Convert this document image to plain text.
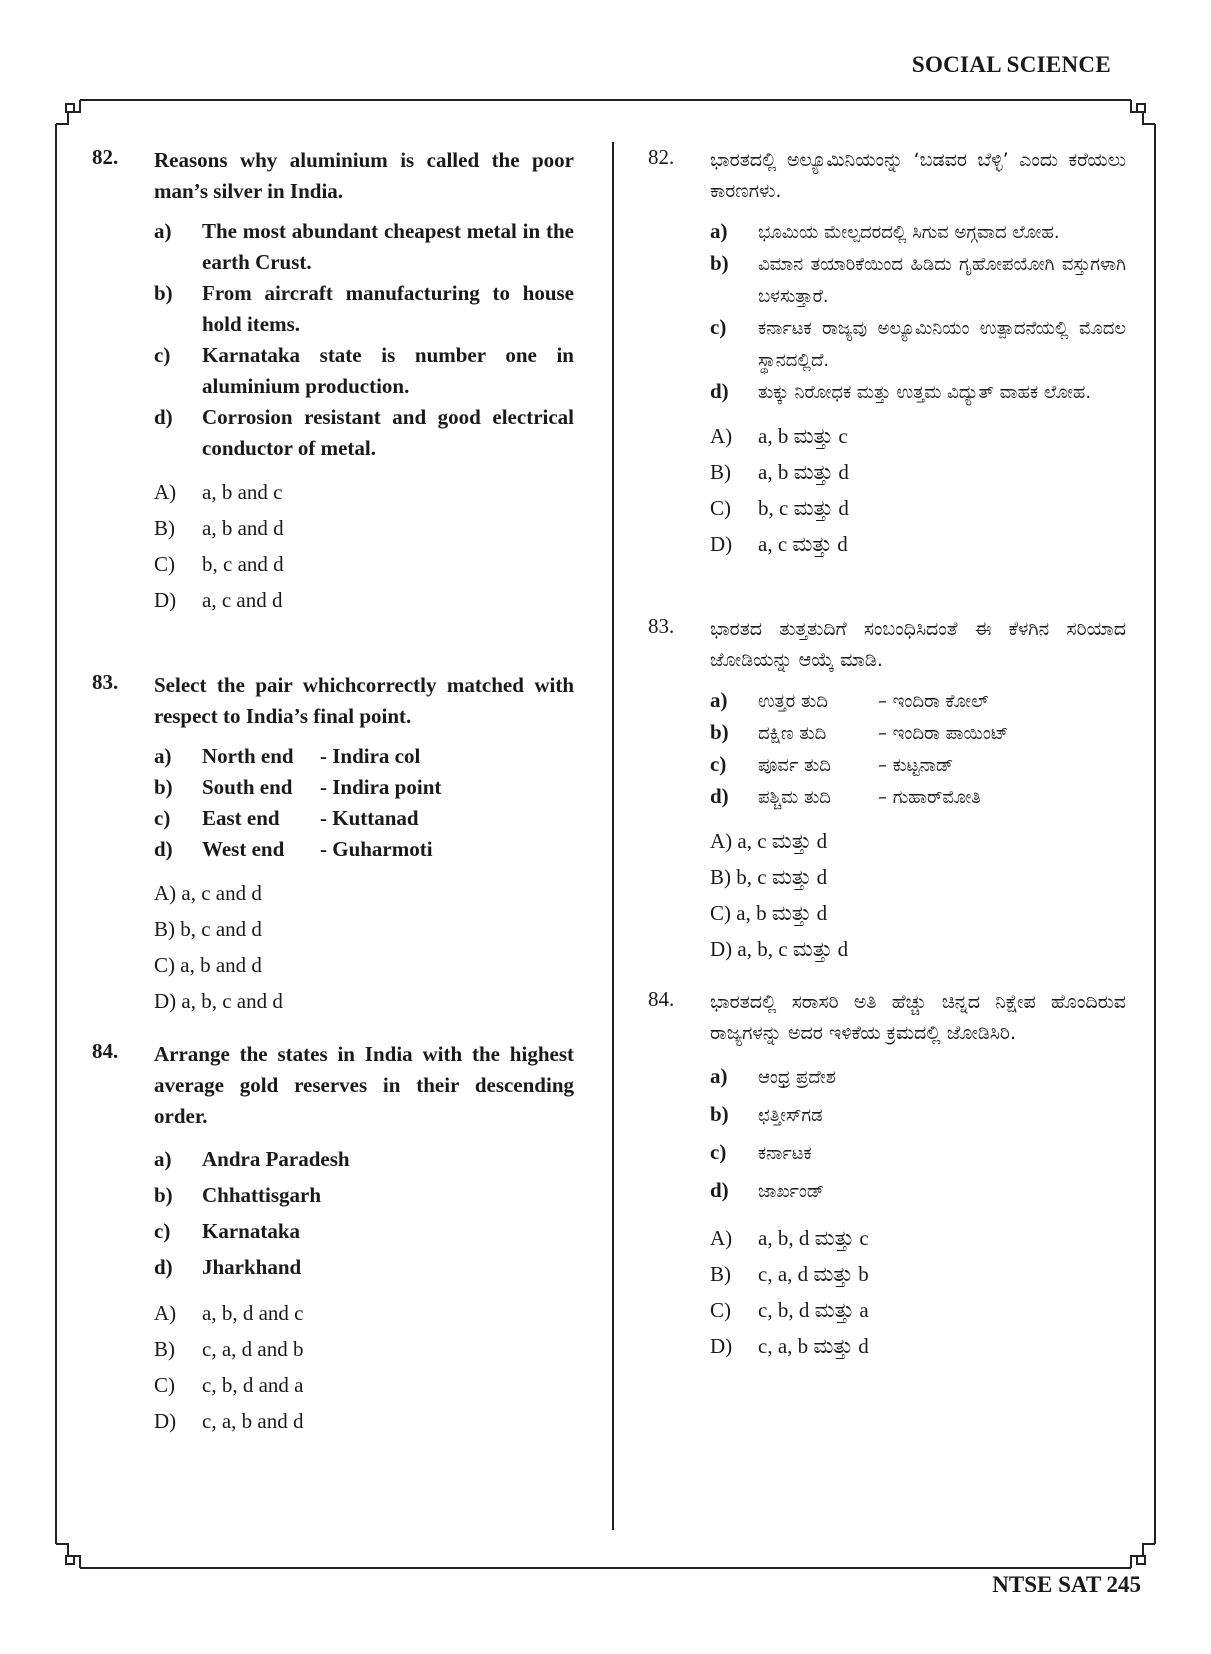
SOCIAL SCIENCE
82. Reasons why aluminium is called the poor man’s silver in India.
a) The most abundant cheapest metal in the earth Crust.
b) From aircraft manufacturing to house hold items.
c) Karnataka state is number one in aluminium production.
d) Corrosion resistant and good electrical conductor of metal.
A) a, b and c
B) a, b and d
C) b, c and d
D) a, c and d
83. Select the pair whichcorrectly matched with respect to India’s final point.
a) North end - Indira col
b) South end - Indira point
c) East end - Kuttanad
d) West end - Guharmoti
A) a, c and d
B) b, c and d
C) a, b and d
D) a, b, c and d
84. Arrange the states in India with the highest average gold reserves in their descending order.
a) Andra Paradesh
b) Chhattisgarh
c) Karnataka
d) Jharkhand
A) a, b, d and c
B) c, a, d and b
C) c, b, d and a
D) c, a, b and d
82. ಭಾರತದಲ್ಲಿ ಅಲ್ಯೂಮಿನಿಯಂನ್ನು ‘ಬಡವರ ಬೆಳ್ಳಿ’ ಎಂದು ಕರೆಯಲು ಕಾರಣಗಳು.
a) ಭೂಮಿಯ ಮೇಲ್ಪದರದಲ್ಲಿ ಸಿಗುವ ಅಗ್ಗವಾದ ಲೋಹ.
b) ವಿಮಾನ ತಯಾರಿಕೆಯಿಂದ ಹಿಡಿದು ಗೃಹೋಪಯೋಗಿ ವಸ್ತುಗಳಾಗಿ ಬಳಸುತ್ತಾರೆ.
c) ಕರ್ನಾಟಕ ರಾಜ್ಯವು ಅಲ್ಯೂಮಿನಿಯಂ ಉತ್ಪಾದನೆಯಲ್ಲಿ ಮೊದಲ ಸ್ಥಾನದಲ್ಲಿದೆ.
d) ತುಕ್ಕು ನಿರೋಧಕ ಮತ್ತು ಉತ್ತಮ ವಿದ್ಯುತ್ ವಾಹಕ ಲೋಹ.
A) a, b ಮತ್ತು c
B) a, b ಮತ್ತು d
C) b, c ಮತ್ತು d
D) a, c ಮತ್ತು d
83. ಭಾರತದ ತುತ್ತತುದಿಗೆ ಸಂಬಂಧಿಸಿದಂತೆ ಈ ಕೆಳಗಿನ ಸರಿಯಾದ ಜೋಡಿಯನ್ನು ಆಯ್ಕೆ ಮಾಡಿ.
a) ಉತ್ತರ ತುದಿ	– ಇಂದಿರಾ ಕೋಲ್
b) ದಕ್ಷಿಣ ತುದಿ	– ಇಂದಿರಾ ಪಾಯಿಂಟ್
c) ಪೂರ್ವ ತುದಿ	– ಕುಟ್ಟನಾಡ್
d) ಪಶ್ಚಿಮ ತುದಿ	– ಗುಹಾರ್‌ಮೋತಿ
A) a, c ಮತ್ತು d
B) b, c ಮತ್ತು d
C) a, b ಮತ್ತು d
D) a, b, c ಮತ್ತು d
84. ಭಾರತದಲ್ಲಿ ಸರಾಸರಿ ಅತಿ ಹೆಚ್ಚು ಚಿನ್ನದ ನಿಕ್ಷೇಪ ಹೊಂದಿರುವ ರಾಜ್ಯಗಳನ್ನು ಅದರ ಇಳಿಕೆಯ ಕ್ರಮದಲ್ಲಿ ಜೋಡಿಸಿರಿ.
a) ಆಂಧ್ರ ಪ್ರದೇಶ
b) ಛತ್ತೀಸ್‌ಗಡ
c) ಕರ್ನಾಟಕ
d) ಜಾರ್ಖಂಡ್
A) a, b, d ಮತ್ತು c
B) c, a, d ಮತ್ತು b
C) c, b, d ಮತ್ತು a
D) c, a, b ಮತ್ತು d
NTSE SAT 245
